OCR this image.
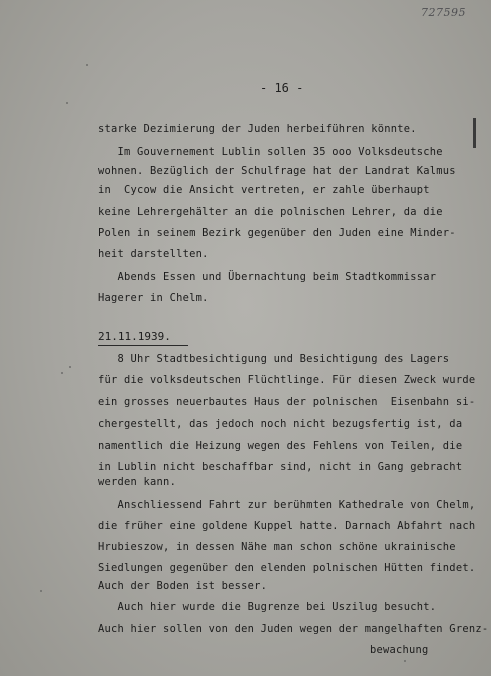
727595
- 16 -
starke Dezimierung der Juden herbeiführen könnte.
Im Gouvernement Lublin sollen 35 ooo Volksdeutsche
wohnen. Bezüglich der Schulfrage hat der Landrat Kalmus
in  Cycow die Ansicht vertreten, er zahle überhaupt
keine Lehrergehälter an die polnischen Lehrer, da die
Polen in seinem Bezirk gegenüber den Juden eine Minder-
heit darstellten.
Abends Essen und Übernachtung beim Stadtkommissar
Hagerer in Chelm.
21.11.1939.
8 Uhr Stadtbesichtigung und Besichtigung des Lagers
für die volksdeutschen Flüchtlinge. Für diesen Zweck wurde
ein grosses neuerbautes Haus der polnischen  Eisenbahn si-
chergestellt, das jedoch noch nicht bezugsfertig ist, da
namentlich die Heizung wegen des Fehlens von Teilen, die
in Lublin nicht beschaffbar sind, nicht in Gang gebracht
werden kann.
Anschliessend Fahrt zur berühmten Kathedrale von Chelm,
die früher eine goldene Kuppel hatte. Darnach Abfahrt nach
Hrubieszow, in dessen Nähe man schon schöne ukrainische
Siedlungen gegenüber den elenden polnischen Hütten findet.
Auch der Boden ist besser.
Auch hier wurde die Bugrenze bei Uszilug besucht.
Auch hier sollen von den Juden wegen der mangelhaften Grenz-
bewachung
